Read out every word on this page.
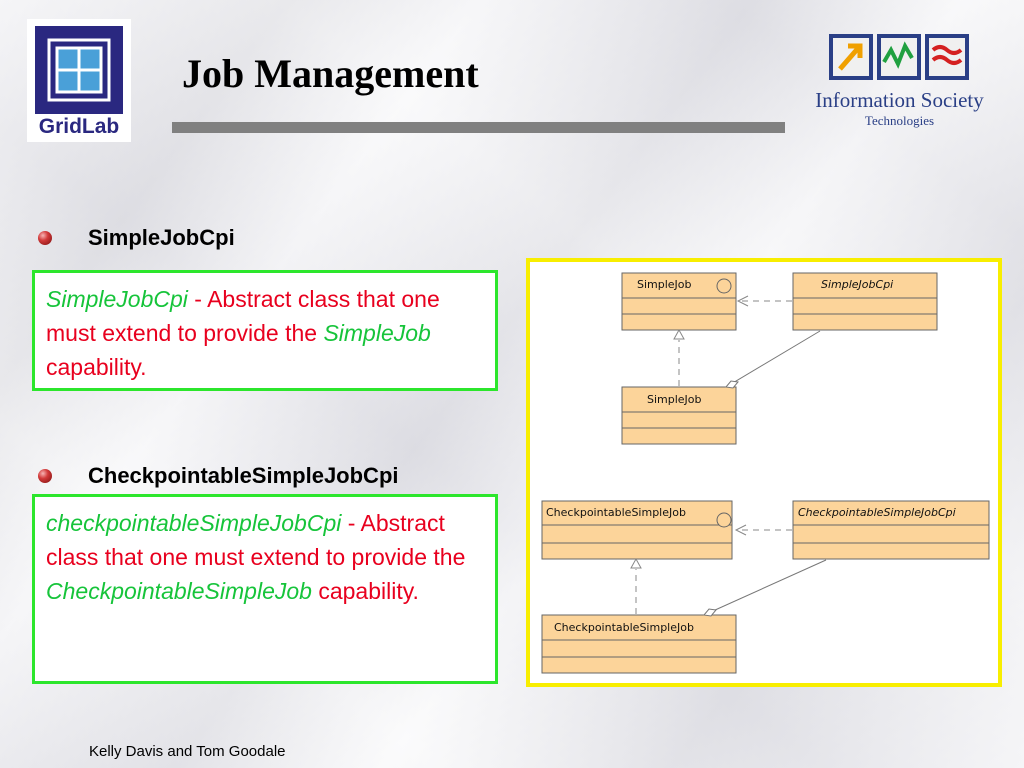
GridLab
Job Management
Information Society
Technologies
SimpleJobCpi
SimpleJobCpi - Abstract class that one must extend to provide the SimpleJob capability.
CheckpointableSimpleJobCpi
checkpointableSimpleJobCpi - Abstract class that one must extend to provide the CheckpointableSimpleJob capability.
SimpleJob	SimpleJobCpi
SimpleJob
CheckpointableSimpleJob	CheckpointableSimpleJobCpi
CheckpointableSimpleJob
Kelly Davis and Tom Goodale
